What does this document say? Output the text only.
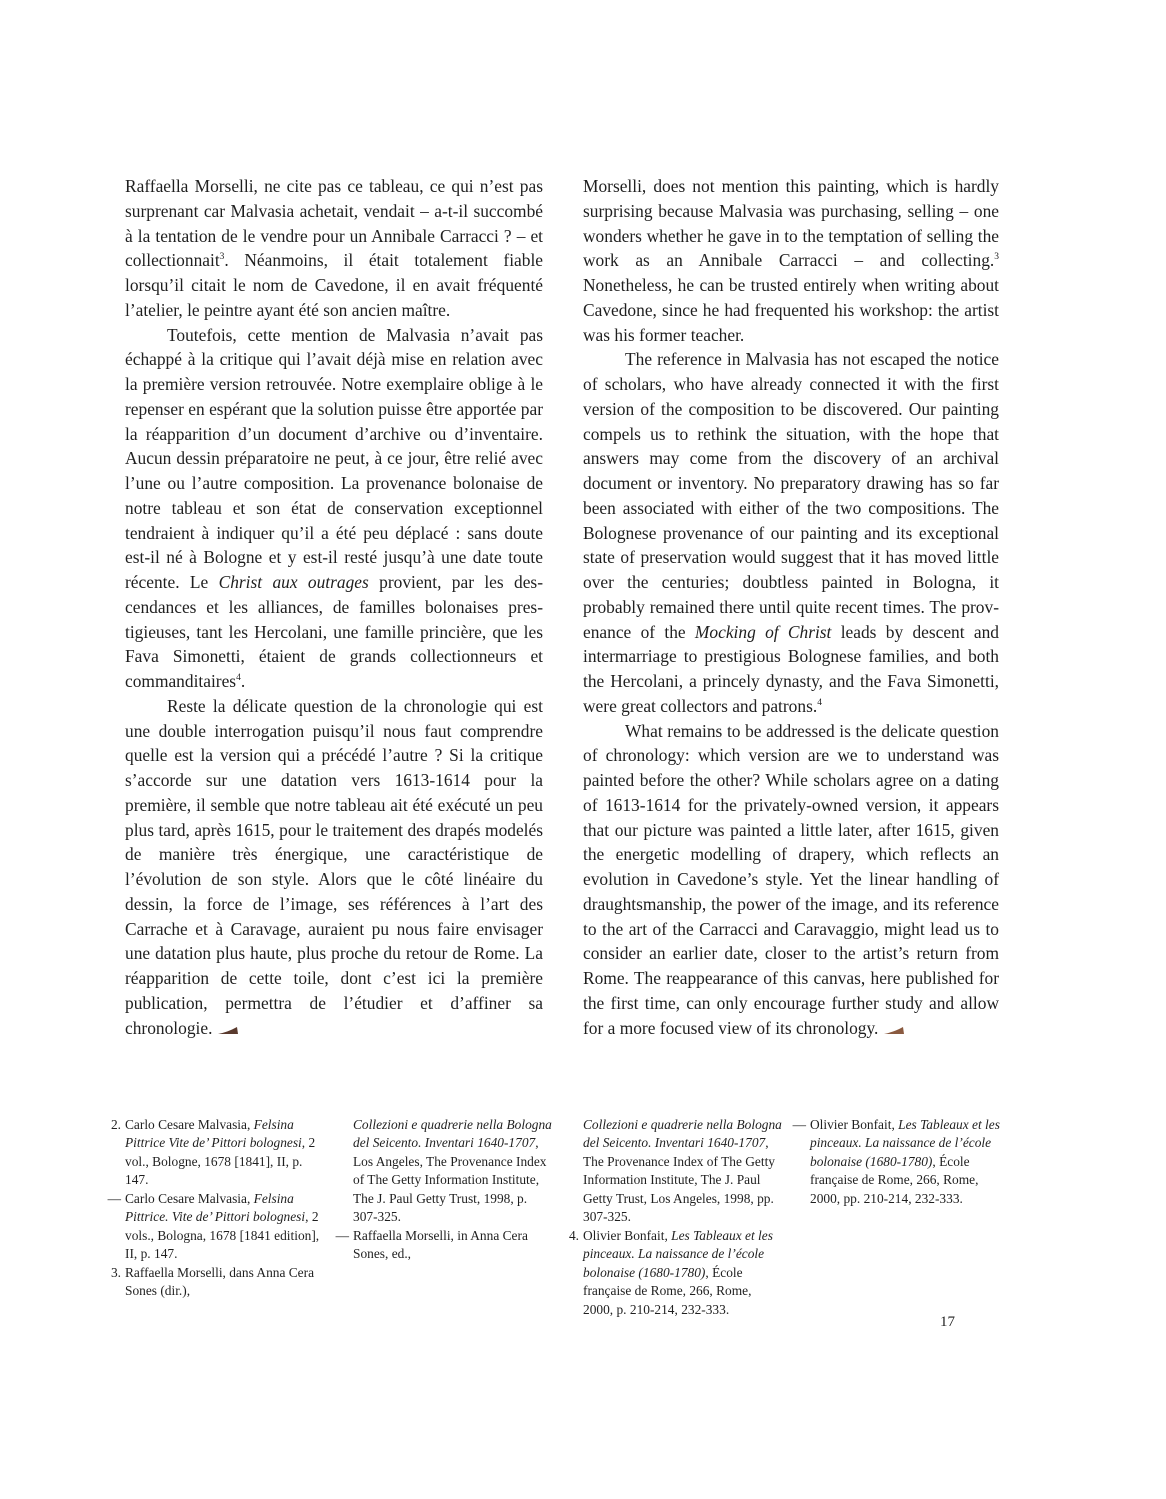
Raffaella Morselli, ne cite pas ce tableau, ce qui n’est pas surprenant car Malvasia achetait, vendait – a-t-il succombé à la tentation de le vendre pour un Annibale Carracci ? – et collectionnait$^3$. Néanmoins, il était totalement fiable lorsqu’il citait le nom de Cavedone, il en avait fréquenté l’atelier, le peintre ayant été son ancien maître.

Toutefois, cette mention de Malvasia n’avait pas échappé à la critique qui l’avait déjà mise en relation avec la première version retrouvée. Notre exemplaire oblige à le repenser en espérant que la solution puisse être apportée par la réapparition d’un document d’archive ou d’inventaire. Aucun dessin préparatoire ne peut, à ce jour, être relié avec l’une ou l’autre composition. La provenance bolonaise de notre tableau et son état de conservation exceptionnel tendraient à indiquer qu’il a été peu déplacé : sans doute est-il né à Bologne et y est-il resté jusqu’à une date toute récente. Le Christ aux outrages provient, par les descendances et les alliances, de familles bolonaises prestigieuses, tant les Hercolani, une famille princière, que les Fava Simonetti, étaient de grands collectionneurs et commanditaires$^4$.

Reste la délicate question de la chronologie qui est une double interrogation puisqu’il nous faut comprendre quelle est la version qui a précédé l’autre ? Si la critique s’accorde sur une datation vers 1613-1614 pour la première, il semble que notre tableau ait été exécuté un peu plus tard, après 1615, pour le traitement des drapés modelés de manière très énergique, une caractéristique de l’évolution de son style. Alors que le côté linéaire du dessin, la force de l’image, ses références à l’art des Carrache et à Caravage, auraient pu nous faire envisager une datation plus haute, plus proche du retour de Rome. La réapparition de cette toile, dont c’est ici la première publication, permettra de l’étudier et d’affiner sa chronologie.

Morselli, does not mention this painting, which is hardly surprising because Malvasia was purchasing, selling – one wonders whether he gave in to the temptation of selling the work as an Annibale Carracci – and collecting.$^3$ Nonetheless, he can be trusted entirely when writing about Cavedone, since he had frequented his workshop: the artist was his former teacher.

The reference in Malvasia has not escaped the notice of scholars, who have already connected it with the first version of the composition to be discovered. Our painting compels us to rethink the situation, with the hope that answers may come from the discovery of an archival document or inventory. No preparatory drawing has so far been associated with either of the two compositions. The Bolognese provenance of our painting and its exceptional state of preservation would suggest that it has moved little over the centuries; doubtless painted in Bologna, it probably remained there until quite recent times. The provenance of the Mocking of Christ leads by descent and intermarriage to prestigious Bolognese families, and both the Hercolani, a princely dynasty, and the Fava Simonetti, were great collectors and patrons.$^4$

What remains to be addressed is the delicate question of chronology: which version are we to understand was painted before the other? While scholars agree on a dating of 1613-1614 for the privately-owned version, it appears that our picture was painted a little later, after 1615, given the energetic modelling of drapery, which reflects an evolution in Cavedone’s style. Yet the linear handling of draughtsmanship, the power of the image, and its reference to the art of the Carracci and Caravaggio, might lead us to consider an earlier date, closer to the artist’s return from Rome. The reappearance of this canvas, here published for the first time, can only encourage further study and allow for a more focused view of its chronology.

2. Carlo Cesare Malvasia, Felsina Pittrice Vite de’ Pittori bolognesi, 2 vol., Bologne, 1678 [1841], II, p. 147.
— Carlo Cesare Malvasia, Felsina Pittrice. Vite de’ Pittori bolognesi, 2 vols., Bologna, 1678 [1841 edition], II, p. 147.
3. Raffaella Morselli, dans Anna Cera Sones (dir.),
Collezioni e quadrerie nella Bologna del Seicento. Inventari 1640-1707, Los Angeles, The Provenance Index of The Getty Information Institute, The J. Paul Getty Trust, 1998, p. 307-325.
— Raffaella Morselli, in Anna Cera Sones, ed.,
Collezioni e quadrerie nella Bologna del Seicento. Inventari 1640-1707, The Provenance Index of The Getty Information Institute, The J. Paul Getty Trust, Los Angeles, 1998, pp. 307-325.
4. Olivier Bonfait, Les Tableaux et les pinceaux. La naissance de l’école bolonaise (1680-1780), École française de Rome, 266, Rome, 2000, p. 210-214, 232-333.
— Olivier Bonfait, Les Tableaux et les pinceaux. La naissance de l’école bolonaise (1680-1780), École française de Rome, 266, Rome, 2000, pp. 210-214, 232-333.
17
